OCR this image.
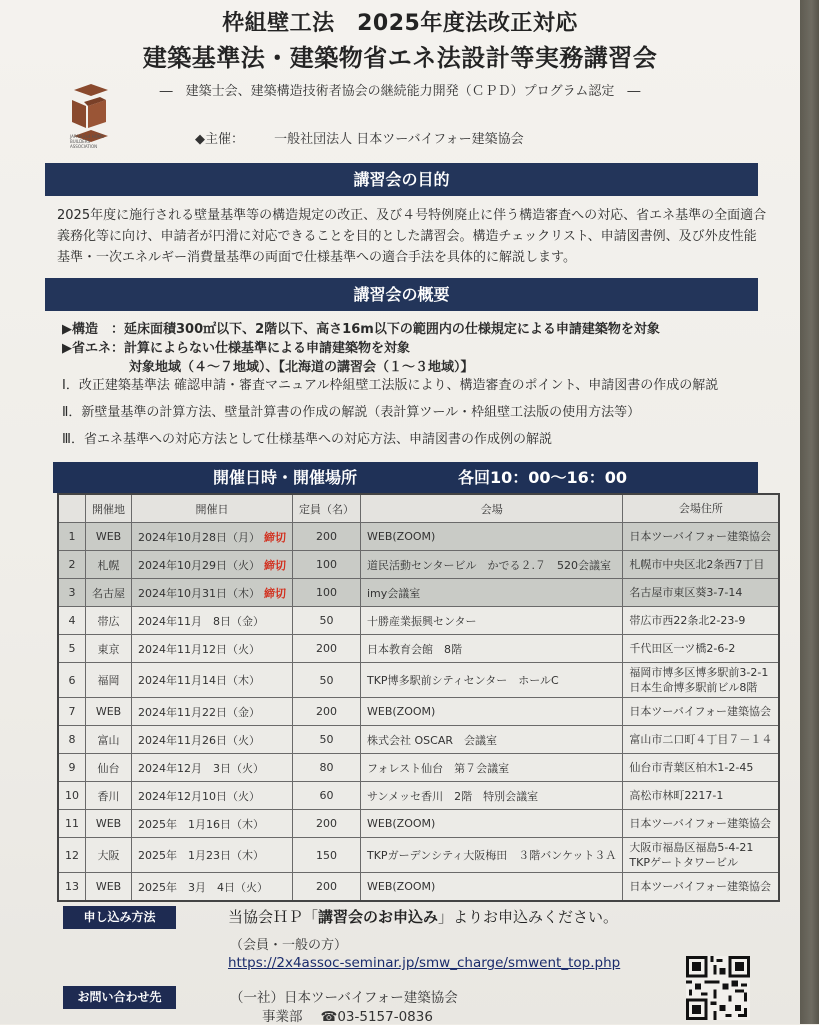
枠組壁工法　2025年度法改正対応
建築基準法・建築物省エネ法設計等実務講習会
―　建築士会、建築構造技術者協会の継続能力開発（ＣＰＤ）プログラム認定　―
JAPAN 2x4 HOME BUILDERS ASSOCIATION	◆主催： 一般社団法人 日本ツーバイフォー建築協会
講習会の目的
2025年度に施行される壁量基準等の構造規定の改正、及び４号特例廃止に伴う構造審査への対応、省エネ基準の全面適合義務化等に向け、申請者が円滑に対応できることを目的とした講習会。構造チェックリスト、申請図書例、及び外皮性能基準・一次エネルギー消費量基準の両面で仕様基準への適合手法を具体的に解説します。
講習会の概要
▶構造　：延床面積300㎡以下、2階以下、高さ16m以下の範囲内の仕様規定による申請建築物を対象
▶省エネ：計算によらない仕様基準による申請建築物を対象
対象地域（４～７地域）、【北海道の講習会（１～３地域）】
Ⅰ．改正建築基準法 確認申請・審査マニュアル枠組壁工法版により、構造審査のポイント、申請図書の作成の解説
Ⅱ．新壁量基準の計算方法、壁量計算書の作成の解説（表計算ツール・枠組壁工法版の使用方法等）
Ⅲ．省エネ基準への対応方法として仕様基準への対応方法、申請図書の作成例の解説
開催日時・開催場所	各回10：00～16：00
	開催地	開催日	定員（名）	会場	会場住所
1	WEB	2024年10月28日（月） 締切	200	WEB(ZOOM)	日本ツーバイフォー建築協会

2	札幌	2024年10月29日（火） 締切	100	道民活動センタービル　かでる２.７　520会議室	札幌市中央区北2条西7丁目

3	名古屋	2024年10月31日（木） 締切	100	imy会議室	名古屋市東区葵3-7-14

4	帯広	2024年11月　8日（金）	50	十勝産業振興センター	帯広市西22条北2-23-9

5	東京	2024年11月12日（火）	200	日本教育会館　8階	千代田区一ツ橋2-6-2

6	福岡	2024年11月14日（木）	50	TKP博多駅前シティセンター　ホールC	福岡市博多区博多駅前3-2-1
日本生命博多駅前ビル8階

7	WEB	2024年11月22日（金）	200	WEB(ZOOM)	日本ツーバイフォー建築協会

8	富山	2024年11月26日（火）	50	株式会社 OSCAR　会議室	富山市二口町４丁目７－１４

9	仙台	2024年12月　3日（火）	80	フォレスト仙台　第７会議室	仙台市青葉区柏木1-2-45

10	香川	2024年12月10日（火）	60	サンメッセ香川　2階　特別会議室	高松市林町2217-1

11	WEB	2025年　1月16日（木）	200	WEB(ZOOM)	日本ツーバイフォー建築協会

12	大阪	2025年　1月23日（木）	150	TKPガーデンシティ大阪梅田　３階バンケット３Ａ	大阪市福島区福島5-4-21
TKPゲートタワービル

13	WEB	2025年　3月　4日（火）	200	WEB(ZOOM)	日本ツーバイフォー建築協会
申し込み方法	当協会ＨＰ「講習会のお申込み」よりお申込みください。
（会員・一般の方）
https://2x4assoc-seminar.jp/smw_charge/smwent_top.php
お問い合わせ先	（一社）日本ツーバイフォー建築協会
事業部 ☎03-5157-0836
